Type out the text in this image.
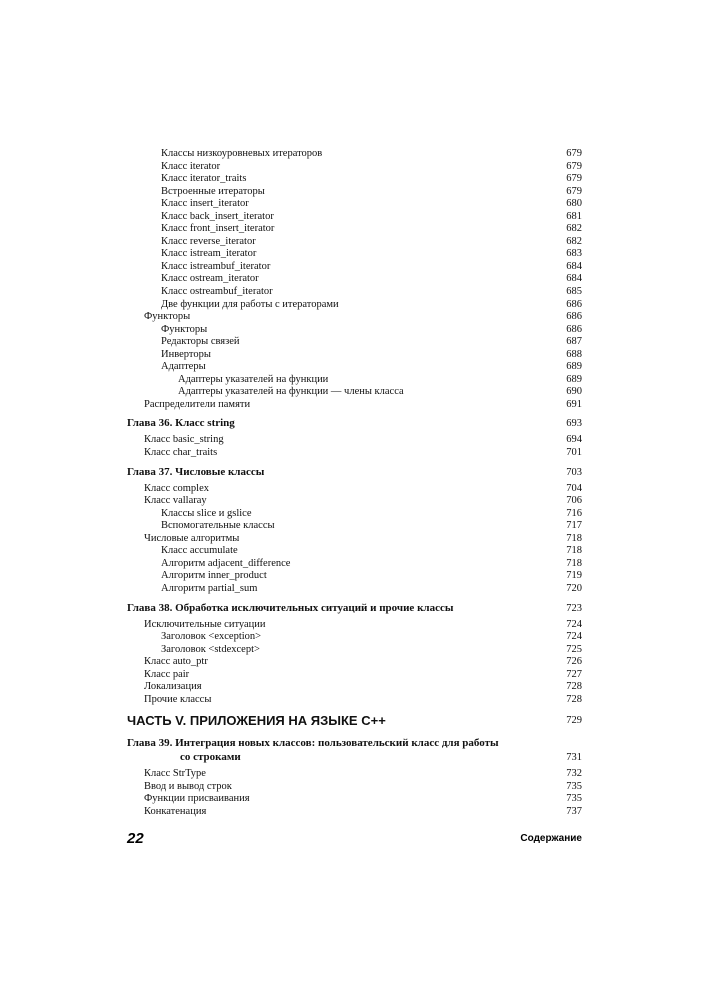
Классы низкоуровневых итераторов	679
Класс iterator	679
Класс iterator_traits	679
Встроенные итераторы	679
Класс insert_iterator	680
Класс back_insert_iterator	681
Класс front_insert_iterator	682
Класс reverse_iterator	682
Класс istream_iterator	683
Класс istreambuf_iterator	684
Класс ostream_iterator	684
Класс ostreambuf_iterator	685
Две функции для работы с итераторами	686
Функторы	686
Функторы	686
Редакторы связей	687
Инверторы	688
Адаптеры	689
Адаптеры указателей на функции	689
Адаптеры указателей на функции — члены класса	690
Распределители памяти	691
Глава 36. Класс string	693
Класс basic_string	694
Класс char_traits	701
Глава 37. Числовые классы	703
Класс complex	704
Класс vallaray	706
Классы slice и gslice	716
Вспомогательные классы	717
Числовые алгоритмы	718
Класс accumulate	718
Алгоритм adjacent_difference	718
Алгоритм inner_product	719
Алгоритм partial_sum	720
Глава 38. Обработка исключительных ситуаций и прочие классы	723
Исключительные ситуации	724
Заголовок <exception>	724
Заголовок <stdexcept>	725
Класс auto_ptr	726
Класс pair	727
Локализация	728
Прочие классы	728
ЧАСТЬ V. ПРИЛОЖЕНИЯ НА ЯЗЫКЕ С++	729
Глава 39. Интеграция новых классов: пользовательский класс для работы
со строками	731
Класс StrType	732
Ввод и вывод строк	735
Функции присваивания	735
Конкатенация	737
22	Содержание
